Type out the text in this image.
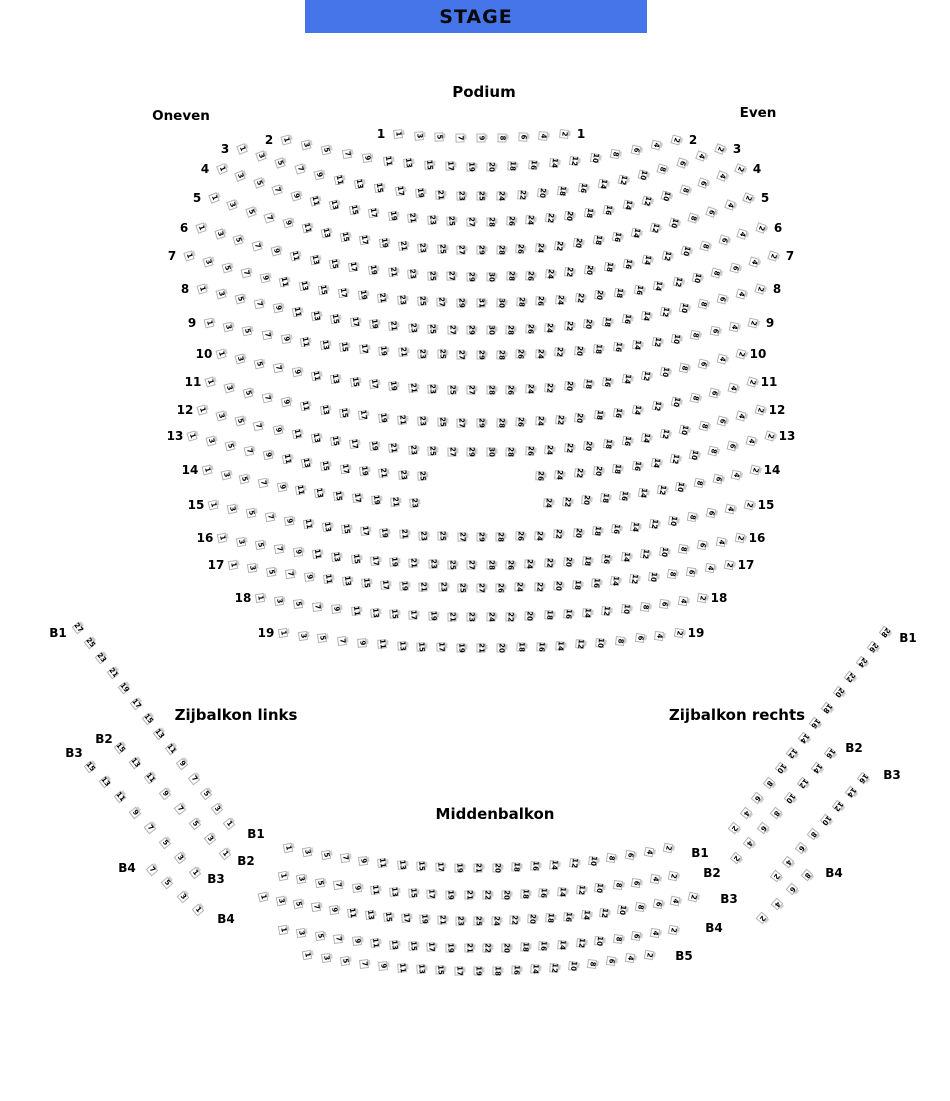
STAGE
Podium
Oneven	Even
Zijbalkon links	Zijbalkon rechts
Middenbalkon
1 3 5 7 9 8 6 4 2
1	1
1
3
5
7
9 11 13 15 17 19 20 18 16 14 12 10 8
6
4
2
2	2
1
3
5
7
9 11 13 15 17 19 21 23 25 24 22 20 18 16 14 12 10 8
6
4
2
3	3
1
3
5
7
9 11 13 15 17 19 21 23 25 27 28 26 24 22 20 18 16 14 12 10 8
6
4
2
4	4
1
3
5
7
9 11 13 15 17 19 21 23 25 27 29 28 26 24 22 20 18 16 14 12 10 8
6
4
2
5	5
1
3
5
7
9 11 13 15 17 19 21 23 25 27 29 30 28 26 24 22 20 18 16 14 12 10 8
6
4
2
6	6
1
3
5
7
9 11 13 15 17 19 21 23 25 27 29 31 30 28 26 24 22 20 18 16 14 12 10 8
6
4
2
7	7
1
3
5
7
9 11 13 15 17 19 21 23 25 27 29 30 28 26 24 22 20 18 16 14 12 10 8
6
4
2
8	8
1
3
5
7
9 11 13 15 17 19 21 23 25 27 29 28 26 24 22 20 18 16 14 12 10 8
6
4
2
9	9
1
3
5
7
9 11 13 15 17 19 21 23 25 27 28 26 24 22 20 18 16 14 12 10 8
6
4
2
10	10
1
3
5
7
9 11 13 15 17 19 21 23 25 27 29 28 26 24 22 20 18 16 14 12 10 8
6
4
2
11	11
1
3
5
7
9 11 13 15 17 19 21 23 25 27 29 30 28 26 24 22 20 18 16 14 12 10 8
6
4
2
12	12
1
3
5
7
9 11 13 15 17 19 21 23 25	26 24 22 20 18 16 14 12 10 8
6
4
2
13	13
1
3
5
7
9 11 13 15 17 19 21 23	24 22 20 18 16 14 12 10 8
6
4
2
14	14
1
3
5
7
9 11 13 15 17 19 21 23 25 27 29 28 26 24 22 20 18 16 14 12 10 8
6
4
2
15	15
1
3
5
7 9 11 13 15 17 19 21 23 25 27 28 26 24 22 20 18 16 14 12 10 8
6
4
2
16	16
1
3
5 7 9 11 13 15 17 19 21 23 25 27 26 24 22 20 18 16 14 12 10 8 6
4
2
17	17
1
3 5 7 9 11 13 15 17 19 21 23 24 22 20 18 16 14 12 10 8 6 4
2
18	18
1 3 5 7 9 11 13 15 17 19 21 20 18 16 14 12 10 8 6 4 2
19	19
1
3
5 7 9 11 13 15 17 19 21 20 18 16 14 12 10 8 6
4
2
B1
B1
1
3
5 7 9 11 13 15 17 19 21 22 20 18 16 14 12 10 8 6
4
2
B2
B2
1
3
5
7 9 11 13 15 17 19 21 23 25 24 22 20 18 16 14 12 10 8
6
4
2
B3
B3
1
3 5 7 9 11 13 15 17 19 21 22 20 18 16 14 12 10 8 6 4
2
B4
B4
1
3 5 7 9 11 13 15 17 19 18 16 14 12 10 8 6 4
2 B5
27
25
23
21
19
17
15
13
11
9
7
5
3
1
B1
15
13
11
9
7
5
3
1
B2
15
13
11
9
7
5
3
1
B3
7
5
3
1
B4
28
26
24
22
20
18
16
14
12
10
8
6
4
2
B1
16
14
12
10
8
6
4
2
B2
16
14
12
10
8
6
4
2
B3
8
6
4
2
B4
